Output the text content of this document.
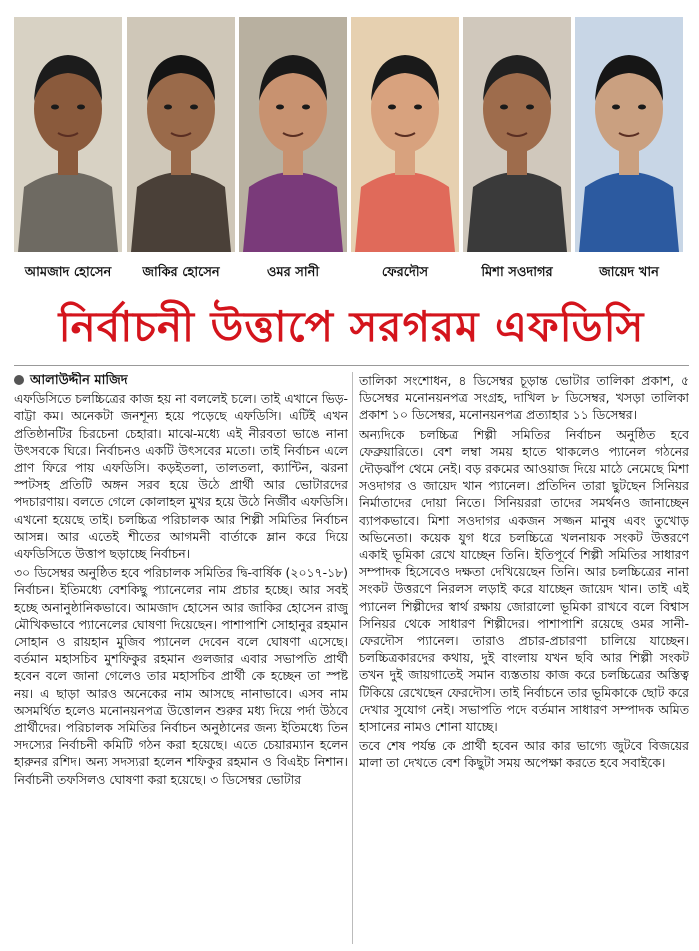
আমজাদ হোসেন	জাকির হোসেন	ওমর সানী	ফেরদৌস	মিশা সওদাগর	জায়েদ খান
নির্বাচনী উত্তাপে সরগরম এফডিসি
আলাউদ্দীন মাজিদ

এফডিসিতে চলচ্চিত্রের কাজ হয় না বললেই চলে। তাই এখানে ভিড়-বাট্টা কম। অনেকটা জনশূন্য হয়ে পড়েছে এফডিসি। এটিই এখন প্রতিষ্ঠানটির চিরচেনা চেহারা। মাঝে-মধ্যে এই নীরবতা ভাঙে নানা উৎসবকে ঘিরে। নির্বাচনও একটি উৎসবের মতো। তাই নির্বাচন এলে প্রাণ ফিরে পায় এফডিসি। কড়ইতলা, তালতলা, ক্যান্টিন, ঝরনা স্পটসহ প্রতিটি অঙ্গন সরব হয়ে উঠে প্রার্থী আর ভোটারদের পদচারণায়। বলতে গেলে কোলাহল মুখর হয়ে উঠে নির্জীব এফডিসি। এখনো হয়েছে তাই। চলচ্চিত্র পরিচালক আর শিল্পী সমিতির নির্বাচন আসন্ন। আর এতেই শীতের আগমনী বার্তাকে ম্লান করে দিয়ে এফডিসিতে উত্তাপ ছড়াচ্ছে নির্বাচন।

৩০ ডিসেম্বর অনুষ্ঠিত হবে পরিচালক সমিতির দ্বি-বার্ষিক (২০১৭-১৮) নির্বাচন। ইতিমধ্যে বেশকিছু প্যানেলের নাম প্রচার হচ্ছে। আর সবই হচ্ছে অনানুষ্ঠানিকভাবে। আমজাদ হোসেন আর জাকির হোসেন রাজু মৌখিকভাবে প্যানেলের ঘোষণা দিয়েছেন। পাশাপাশি সোহানুর রহমান সোহান ও রায়হান মুজিব প্যানেল দেবেন বলে ঘোষণা এসেছে। বর্তমান মহাসচিব মুশফিকুর রহমান গুলজার এবার সভাপতি প্রার্থী হবেন বলে জানা গেলেও তার মহাসচিব প্রার্থী কে হচ্ছেন তা স্পষ্ট নয়। এ ছাড়া আরও অনেকের নাম আসছে নানাভাবে। এসব নাম অসমর্থিত হলেও মনোনয়নপত্র উত্তোলন শুরুর মধ্য দিয়ে পর্দা উঠবে প্রার্থীদের। পরিচালক সমিতির নির্বাচন অনুষ্ঠানের জন্য ইতিমধ্যে তিন সদস্যের নির্বাচনী কমিটি গঠন করা হয়েছে। এতে চেয়ারম্যান হলেন হারুনর রশিদ। অন্য সদস্যরা হলেন শফিকুর রহমান ও বিএইচ নিশান। নির্বাচনী তফসিলও ঘোষণা করা হয়েছে। ৩ ডিসেম্বর ভোটার

তালিকা সংশোধন, ৪ ডিসেম্বর চূড়ান্ত ভোটার তালিকা প্রকাশ, ৫ ডিসেম্বর মনোনয়নপত্র সংগ্রহ, দাখিল ৮ ডিসেম্বর, খসড়া তালিকা প্রকাশ ১০ ডিসেম্বর, মনোনয়নপত্র প্রত্যাহার ১১ ডিসেম্বর।

অন্যদিকে চলচ্চিত্র শিল্পী সমিতির নির্বাচন অনুষ্ঠিত হবে ফেব্রুয়ারিতে। বেশ লম্বা সময় হাতে থাকলেও প্যানেল গঠনের দৌড়ঝাঁপ থেমে নেই। বড় রকমের আওয়াজ দিয়ে মাঠে নেমেছে মিশা সওদাগর ও জায়েদ খান প্যানেল। প্রতিদিন তারা ছুটছেন সিনিয়র নির্মাতাদের দোয়া নিতে। সিনিয়ররা তাদের সমর্থনও জানাচ্ছেন ব্যাপকভাবে। মিশা সওদাগর একজন সজ্জন মানুষ এবং তুখোড় অভিনেতা। কয়েক যুগ ধরে চলচ্চিত্রে খলনায়ক সংকট উত্তরণে একাই ভূমিকা রেখে যাচ্ছেন তিনি। ইতিপূর্বে শিল্পী সমিতির সাধারণ সম্পাদক হিসেবেও দক্ষতা দেখিয়েছেন তিনি। আর চলচ্চিত্রের নানা সংকট উত্তরণে নিরলস লড়াই করে যাচ্ছেন জায়েদ খান। তাই এই প্যানেল শিল্পীদের স্বার্থ রক্ষায় জোরালো ভূমিকা রাখবে বলে বিশ্বাস সিনিয়র থেকে সাধারণ শিল্পীদের। পাশাপাশি রয়েছে ওমর সানী-ফেরদৌস প্যানেল। তারাও প্রচার-প্রচারণা চালিয়ে যাচ্ছেন। চলচ্চিত্রকারদের কথায়, দুই বাংলায় যখন ছবি আর শিল্পী সংকট তখন দুই জায়গাতেই সমান ব্যস্ততায় কাজ করে চলচ্চিত্রের অস্তিত্ব টিকিয়ে রেখেছেন ফেরদৌস। তাই নির্বাচনে তার ভূমিকাকে ছোট করে দেখার সুযোগ নেই। সভাপতি পদে বর্তমান সাধারণ সম্পাদক অমিত হাসানের নামও শোনা যাচ্ছে।

তবে শেষ পর্যন্ত কে প্রার্থী হবেন আর কার ভাগ্যে জুটবে বিজয়ের মালা তা দেখতে বেশ কিছুটা সময় অপেক্ষা করতে হবে সবাইকে।
